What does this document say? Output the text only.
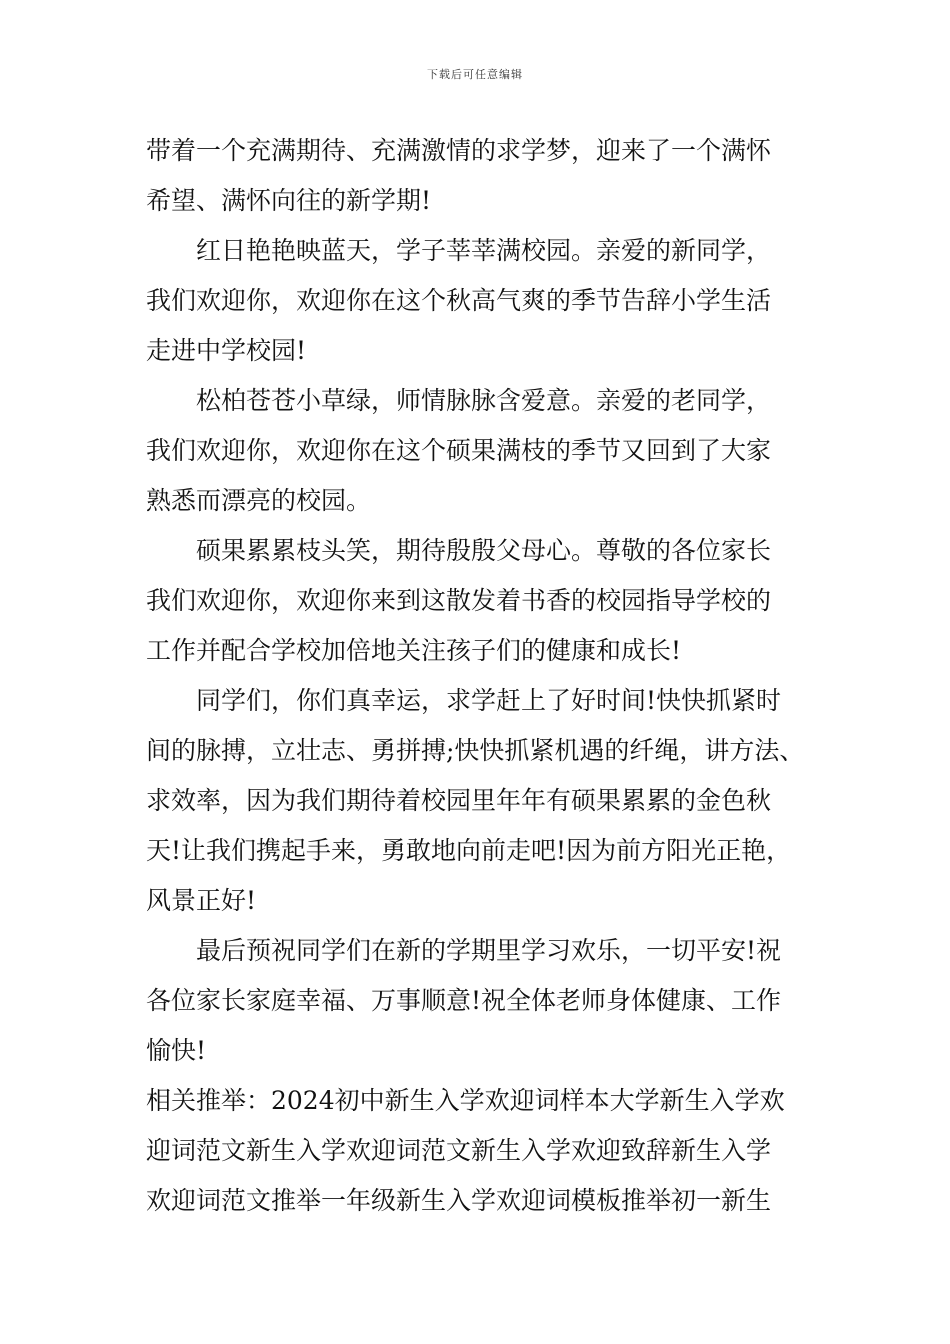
下载后可任意编辑
带着一个充满期待、充满激情的求学梦，迎来了一个满怀
希望、满怀向往的新学期!
红日艳艳映蓝天，学子莘莘满校园。亲爱的新同学，
我们欢迎你，欢迎你在这个秋高气爽的季节告辞小学生活
走进中学校园!
松柏苍苍小草绿，师情脉脉含爱意。亲爱的老同学，
我们欢迎你，欢迎你在这个硕果满枝的季节又回到了大家
熟悉而漂亮的校园。
硕果累累枝头笑，期待殷殷父母心。尊敬的各位家长
我们欢迎你，欢迎你来到这散发着书香的校园指导学校的
工作并配合学校加倍地关注孩子们的健康和成长!
同学们，你们真幸运，求学赶上了好时间!快快抓紧时
间的脉搏，立壮志、勇拼搏;快快抓紧机遇的纤绳，讲方法、
求效率，因为我们期待着校园里年年有硕果累累的金色秋
天!让我们携起手来，勇敢地向前走吧!因为前方阳光正艳，
风景正好!
最后预祝同学们在新的学期里学习欢乐，一切平安!祝
各位家长家庭幸福、万事顺意!祝全体老师身体健康、工作
愉快!
相关推举：2024初中新生入学欢迎词样本大学新生入学欢
迎词范文新生入学欢迎词范文新生入学欢迎致辞新生入学
欢迎词范文推举一年级新生入学欢迎词模板推举初一新生
